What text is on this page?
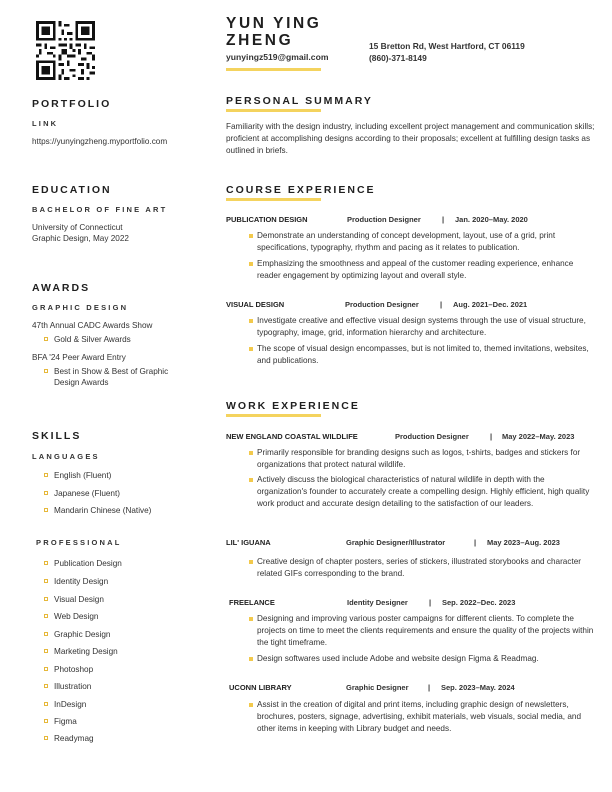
YUN YING
ZHENG
yunyingz519@gmail.com
15 Bretton Rd, West Hartford, CT 06119
(860)-371-8149
PORTFOLIO
LINK
https://yunyingzheng.myportfolio.com
EDUCATION
BACHELOR OF FINE ART
University of Connecticut
Graphic Design, May 2022
AWARDS
GRAPHIC DESIGN
47th Annual CADC Awards Show
Gold & Silver Awards
BFA '24 Peer Award Entry
Best in Show & Best of Graphic Design Awards
SKILLS
LANGUAGES
English (Fluent)
Japanese (Fluent)
Mandarin Chinese (Native)
PROFESSIONAL
Publication Design
Identity Design
Visual Design
Web Design
Graphic Design
Marketing Design
Photoshop
Illustration
InDesign
Figma
Readymag
PERSONAL SUMMARY
Familiarity with the design industry, including excellent project management and communication skills; proficient at accomplishing designs according to their proposals; excellent at fulfilling design tasks as outlined in briefs.
COURSE EXPERIENCE
PUBLICATION DESIGN	Production Designer	| Jan. 2020–May. 2020
Demonstrate an understanding of concept development, layout, use of a grid, print specifications, typography, rhythm and pacing as it relates to publication.
Emphasizing the smoothness and appeal of the customer reading experience, enhance reader engagement by optimizing layout and overall style.
VISUAL DESIGN	Production Designer	| Aug. 2021–Dec. 2021
Investigate creative and effective visual design systems through the use of visual structure, typography, image, grid, information hierarchy and architecture.
The scope of visual design encompasses, but is not limited to, themed invitations, websites, and publications.
WORK EXPERIENCE
NEW ENGLAND COASTAL WILDLIFE	Production Designer	| May 2022–May. 2023
Primarily responsible for branding designs such as logos, t-shirts, badges and stickers for organizations that protect natural wildlife.
Actively discuss the biological characteristics of natural wildlife in depth with the organization's founder to accurately create a compelling design. Highly efficient, high quality work product and accurate design detailing to the satisfaction of our leaders.
LIL' IGUANA	Graphic Designer/Illustrator	| May 2023–Aug. 2023
Creative design of chapter posters, series of stickers, illustrated storybooks and character related GIFs corresponding to the brand.
FREELANCE	Identity Designer	| Sep. 2022–Dec. 2023
Designing and improving various poster campaigns for different clients. To complete the projects on time to meet the clients requirements and ensure the quality of the projects within the tight timeframe.
Design softwares used include Adobe and website design Figma & Readmag.
UCONN LIBRARY	Graphic Designer	| Sep. 2023–May. 2024
Assist in the creation of digital and print items, including graphic design of newsletters, brochures, posters, signage, advertising, exhibit materials, web visuals, social media, and other items in keeping with Library budget and needs.
